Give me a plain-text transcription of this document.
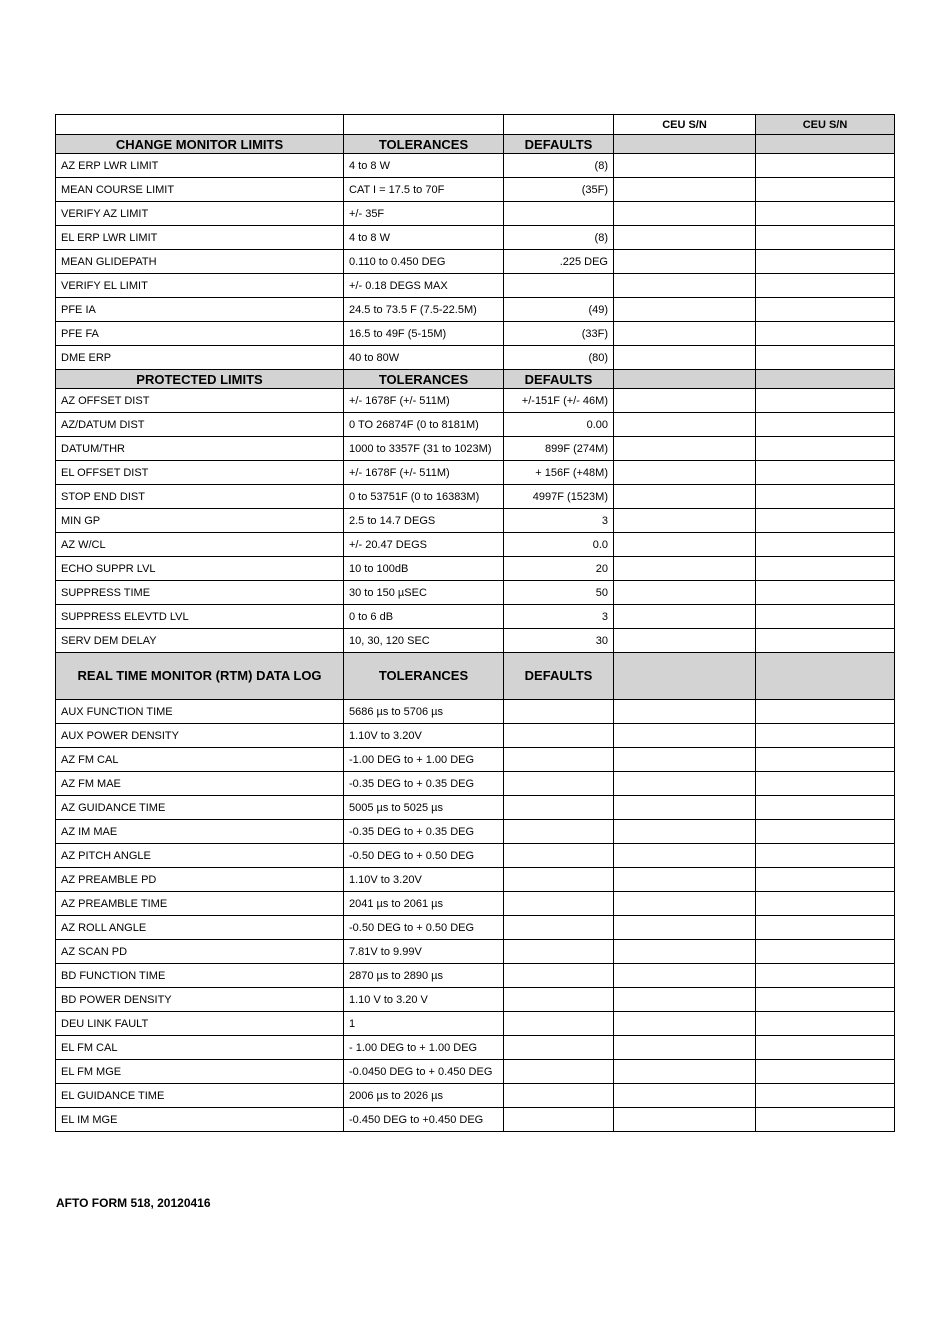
			CEU S/N	CEU S/N
CHANGE MONITOR LIMITS	TOLERANCES	DEFAULTS		
AZ ERP LWR LIMIT	4 to 8 W	(8)		
MEAN COURSE LIMIT	CAT I = 17.5 to 70F	(35F)		
VERIFY AZ LIMIT	+/- 35F			
EL ERP LWR LIMIT	4 to 8 W	(8)		
MEAN GLIDEPATH	0.110 to 0.450 DEG	.225 DEG		
VERIFY EL LIMIT	+/- 0.18 DEGS MAX			
PFE IA	24.5 to 73.5 F (7.5-22.5M)	(49)		
PFE FA	16.5 to 49F (5-15M)	(33F)		
DME ERP	40 to 80W	(80)		
PROTECTED LIMITS	TOLERANCES	DEFAULTS		
AZ OFFSET DIST	+/- 1678F (+/- 511M)	+/-151F (+/- 46M)		
AZ/DATUM DIST	0 TO 26874F (0 to 8181M)	0.00		
DATUM/THR	1000 to 3357F (31 to 1023M)	899F (274M)		
EL OFFSET DIST	+/- 1678F (+/- 511M)	+ 156F (+48M)		
STOP END DIST	0 to 53751F (0 to 16383M)	4997F (1523M)		
MIN GP	2.5 to 14.7 DEGS	3		
AZ W/CL	+/- 20.47 DEGS	0.0		
ECHO SUPPR LVL	10 to 100dB	20		
SUPPRESS TIME	30 to 150 µSEC	50		
SUPPRESS ELEVTD LVL	0 to 6 dB	3		
SERV DEM DELAY	10, 30, 120 SEC	30		
REAL TIME MONITOR (RTM) DATA LOG	TOLERANCES	DEFAULTS		
AUX FUNCTION TIME	5686 µs to 5706 µs			
AUX POWER DENSITY	1.10V to 3.20V			
AZ FM CAL	-1.00 DEG to + 1.00 DEG			
AZ FM MAE	-0.35 DEG to + 0.35 DEG			
AZ GUIDANCE TIME	5005 µs to 5025 µs			
AZ IM MAE	-0.35 DEG to + 0.35 DEG			
AZ PITCH ANGLE	-0.50 DEG to + 0.50 DEG			
AZ PREAMBLE PD	1.10V to 3.20V			
AZ PREAMBLE TIME	2041 µs to 2061 µs			
AZ ROLL ANGLE	-0.50 DEG to + 0.50 DEG			
AZ SCAN PD	7.81V to 9.99V			
BD FUNCTION TIME	2870 µs to 2890 µs			
BD POWER DENSITY	1.10 V to 3.20 V			
DEU LINK FAULT	1			
EL FM CAL	- 1.00 DEG to + 1.00 DEG			
EL FM MGE	-0.0450 DEG to + 0.450 DEG			
EL GUIDANCE TIME	2006 µs to 2026 µs			
EL IM MGE	-0.450 DEG to +0.450 DEG			
AFTO FORM 518, 20120416
